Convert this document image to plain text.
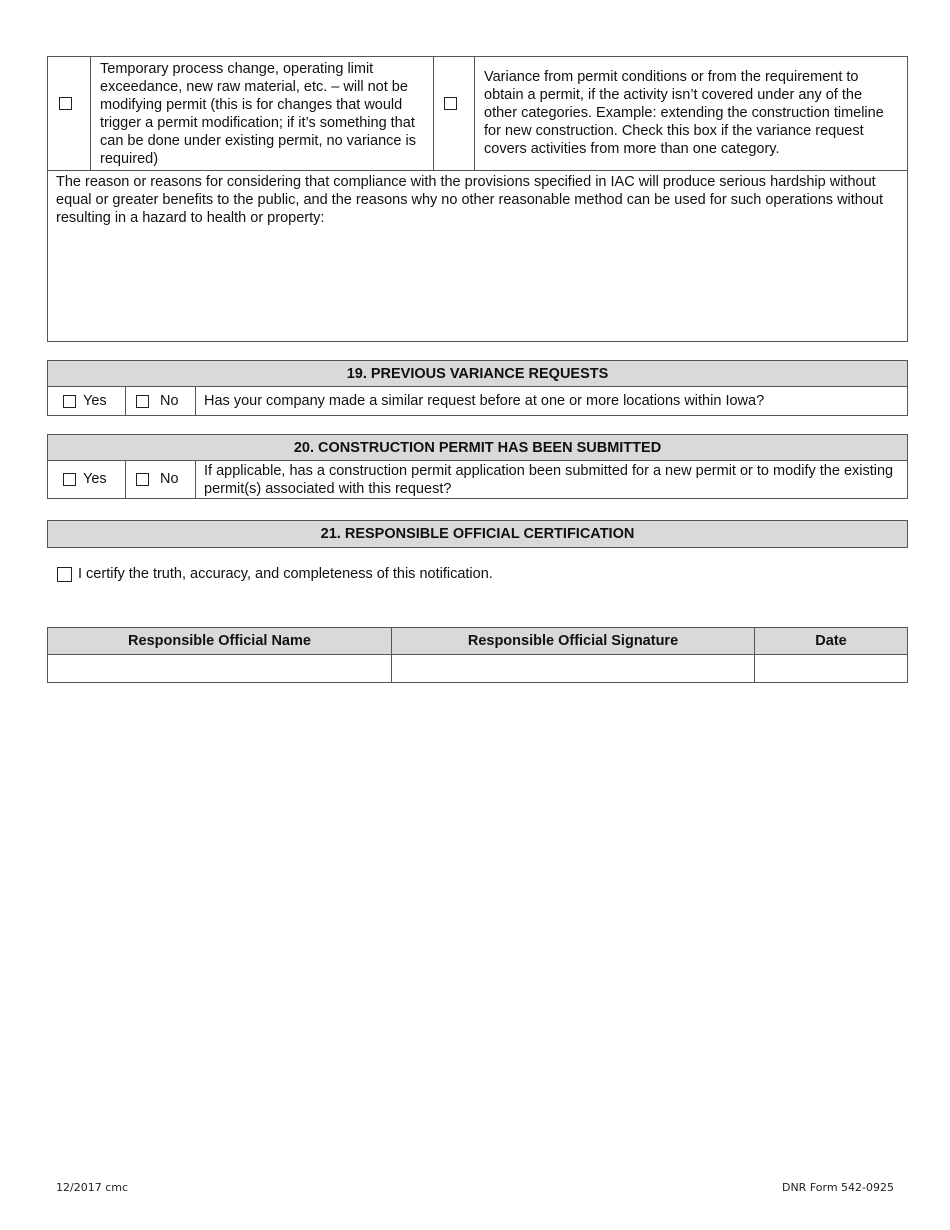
Temporary process change, operating limit exceedance, new raw material, etc. – will not be modifying permit (this is for changes that would trigger a permit modification; if it’s something that can be done under existing permit, no variance is required)
Variance from permit conditions or from the requirement to obtain a permit, if the activity isn’t covered under any of the other categories. Example: extending the construction timeline for new construction. Check this box if the variance request covers activities from more than one category.
The reason or reasons for considering that compliance with the provisions specified in IAC will produce serious hardship without equal or greater benefits to the public, and the reasons why no other reasonable method can be used for such operations without resulting in a hazard to health or property:
19. PREVIOUS VARIANCE REQUESTS
Yes	No	Has your company made a similar request before at one or more locations within Iowa?
20. CONSTRUCTION PERMIT HAS BEEN SUBMITTED
Yes	No	If applicable, has a construction permit application been submitted for a new permit or to modify the existing permit(s) associated with this request?
21. RESPONSIBLE OFFICIAL CERTIFICATION
I certify the truth, accuracy, and completeness of this notification.
Responsible Official Name	Responsible Official Signature	Date
12/2017 cmc	DNR Form 542-0925
